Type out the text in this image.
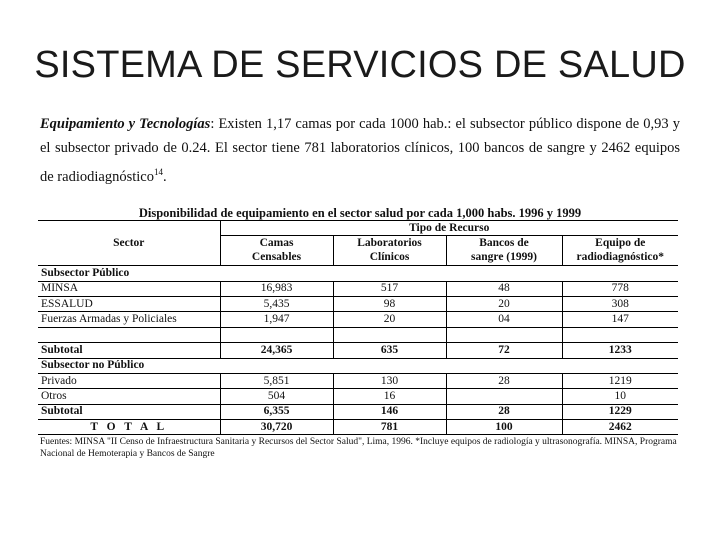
SISTEMA DE SERVICIOS DE SALUD
Equipamiento y Tecnologías: Existen 1,17 camas por cada 1000 hab.: el subsector público dispone de 0,93 y el subsector privado de 0.24. El sector tiene 781 laboratorios clínicos, 100 bancos de sangre y 2462 equipos de radiodiagnóstico$^{14}$.
Disponibilidad de equipamiento en el sector salud por cada 1,000 habs. 1996 y 1999
Sector	Tipo de Recurso			
	Camas	Laboratorios	Bancos de	Equipo de
	Censables	Clínicos	sangre (1999)	radiodiagnóstico*
Subsector Público				
MINSA	16,983	517	48	778
ESSALUD	5,435	98	20	308
Fuerzas Armadas y Policiales	1,947	20	04	147

Subtotal	24,365	635	72	1233
Subsector no Público				
Privado	5,851	130	28	1219
Otros	504	16		10
Subtotal	6,355	146	28	1229
T O T A L	30,720	781	100	2462
Fuentes: MINSA "II Censo de Infraestructura Sanitaria y Recursos del Sector Salud", Lima, 1996. *Incluye equipos de radiología y ultrasonografía. MINSA, Programa Nacional de Hemoterapia y Bancos de Sangre
